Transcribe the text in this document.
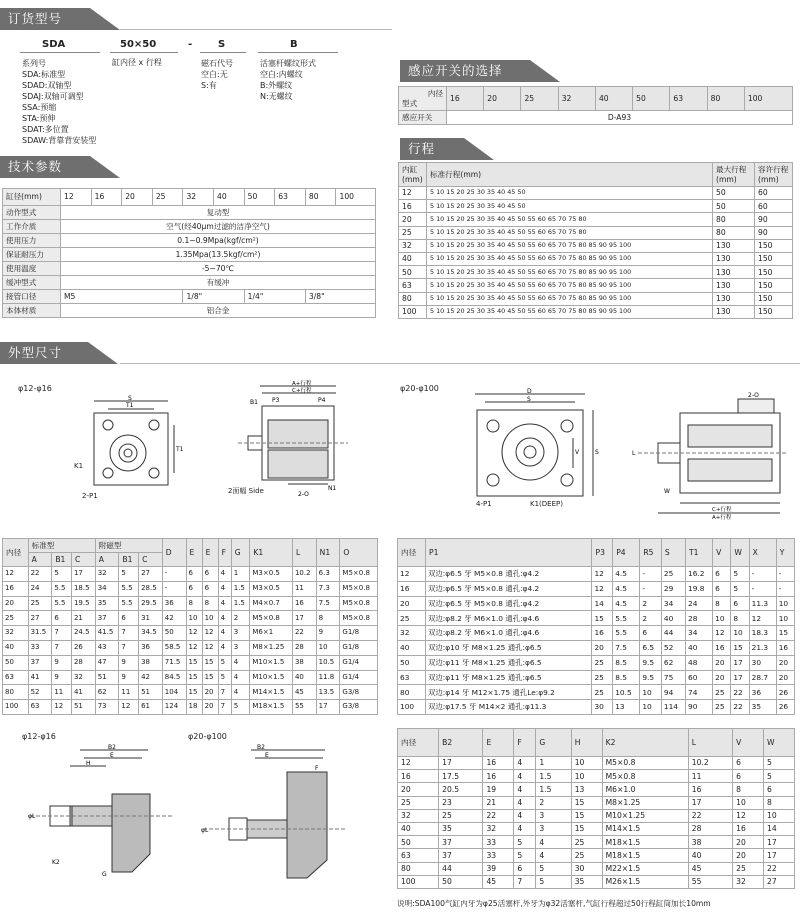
订货型号
SDA	50×50	-	S	B
系列号
SDA:标准型
SDAD:双轴型
SDAJ:双轴可调型
SSA:预缩
STA:预伸
SDAT:多位置
SDAW:背靠背安装型
缸内径 x 行程	磁石代号
空白:无
S:有
活塞杆螺纹形式
空白:内螺纹
B:外螺纹
N:无螺纹
感应开关的选择
内径
型式	16	20	25	32	40	50	63	80	100
感应开关	D-A93								
行程
内缸(mm)	标准行程(mm)	最大行程(mm)	容许行程(mm)
12	5 10 15 20 25 30 35 40 45 50	50	60
16	5 10 15 20 25 30 35 40 45 50	50	60
20	5 10 15 20 25 30 35 40 45 50 55 60 65 70 75 80	80	90
25	5 10 15 20 25 30 35 40 45 50 55 60 65 70 75 80	80	90
32	5 10 15 20 25 30 35 40 45 50 55 60 65 70 75 80 85 90 95 100	130	150
40	5 10 15 20 25 30 35 40 45 50 55 60 65 70 75 80 85 90 95 100	130	150
50	5 10 15 20 25 30 35 40 45 50 55 60 65 70 75 80 85 90 95 100	130	150
63	5 10 15 20 25 30 35 40 45 50 55 60 65 70 75 80 85 90 95 100	130	150
80	5 10 15 20 25 30 35 40 45 50 55 60 65 70 75 80 85 90 95 100	130	150
100	5 10 15 20 25 30 35 40 45 50 55 60 65 70 75 80 85 90 95 100	130	150
技术参数
缸径(mm)	12	16	20	25	32	40	50	63	80	100
动作型式	复动型									
工作介质	空气(经40μm过滤的洁净空气)									
使用压力	0.1~0.9Mpa(kgf/cm²)									
保证耐压力	1.35Mpa(13.5kgf/cm²)									
使用温度	-5~70℃									
缓冲型式	有缓冲									
接管口径	M5				1/8"		1/4"		3/8"	
本体材质	铝合金									
外型尺寸
φ12-φ16	φ20-φ100
S
T1
T1
K1
2-P1
A+行程
C+行程
B1 P3	P4
2-O
N1
2面幅 Side
D
S
S
V
4-P1	K1(DEEP)
2-O
C+行程
A+行程
L
W
内径	标准型			附磁型			D	E	E	F	G	K1	L	N1	O
	A	B1	C	A	B1	C									
12	22	5	17	32	5	27	-	6	6	4	1	M3×0.5	10.2	6.3	M5×0.8
16	24	5.5	18.5	34	5.5	28.5	-	6	6	4	1.5	M3×0.5	11	7.3	M5×0.8
20	25	5.5	19.5	35	5.5	29.5	36	8	8	4	1.5	M4×0.7	16	7.5	M5×0.8
25	27	6	21	37	6	31	42	10	10	4	2	M5×0.8	17	8	M5×0.8
32	31.5	7	24.5	41.5	7	34.5	50	12	12	4	3	M6×1	22	9	G1/8
40	33	7	26	43	7	36	58.5	12	12	4	3	M8×1.25	28	10	G1/8
50	37	9	28	47	9	38	71.5	15	15	5	4	M10×1.5	38	10.5	G1/4
63	41	9	32	51	9	42	84.5	15	15	5	4	M10×1.5	40	11.8	G1/4
80	52	11	41	62	11	51	104	15	20	7	4	M14×1.5	45	13.5	G3/8
100	63	12	51	73	12	61	124	18	20	7	5	M18×1.5	55	17	G3/8
内径	P1	P3	P4	R5	S	T1	V	W	X	Y
12	双边:φ6.5 牙 M5×0.8 通孔:φ4.2	12	4.5	-	25	16.2	6	5	-	-
16	双边:φ6.5 牙 M5×0.8 通孔:φ4.2	12	4.5	-	29	19.8	6	5	-	-
20	双边:φ6.5 牙 M5×0.8 通孔:φ4.2	14	4.5	2	34	24	8	6	11.3	10
25	双边:φ8.2 牙 M6×1.0 通孔:φ4.6	15	5.5	2	40	28	10	8	12	10
32	双边:φ8.2 牙 M6×1.0 通孔:φ4.6	16	5.5	6	44	34	12	10	18.3	15
40	双边:φ10 牙 M8×1.25 通孔:φ6.5	20	7.5	6.5	52	40	16	15	21.3	16
50	双边:φ11 牙 M8×1.25 通孔:φ6.5	25	8.5	9.5	62	48	20	17	30	20
63	双边:φ11 牙 M8×1.25 通孔:φ6.5	25	8.5	9.5	75	60	20	17	28.7	20
80	双边:φ14 牙 M12×1.75 通孔Le:φ9.2	25	10.5	10	94	74	25	22	36	26
100	双边:φ17.5 牙 M14×2 通孔:φ11.3	30	13	10	114	90	25	22	35	26
φ12-φ16	φ20-φ100
B2
E
H
φL
K2
G
B2
E
F
φL
内径	B2	E	F	G	H	K2	L	V	W
12	17	16	4	1	10	M5×0.8	10.2	6	5
16	17.5	16	4	1.5	10	M5×0.8	11	6	5
20	20.5	19	4	1.5	13	M6×1.0	16	8	6
25	23	21	4	2	15	M8×1.25	17	10	8
32	25	22	4	3	15	M10×1.25	22	12	10
40	35	32	4	3	15	M14×1.5	28	16	14
50	37	33	5	4	25	M18×1.5	38	20	17
63	37	33	5	4	25	M18×1.5	40	20	17
80	44	39	6	5	30	M22×1.5	45	25	22
100	50	45	7	5	35	M26×1.5	55	32	27
说明:SDA100气缸内牙为φ25活塞杆,外牙为φ32活塞杆,气缸行程超过50行程缸筒加长10mm
